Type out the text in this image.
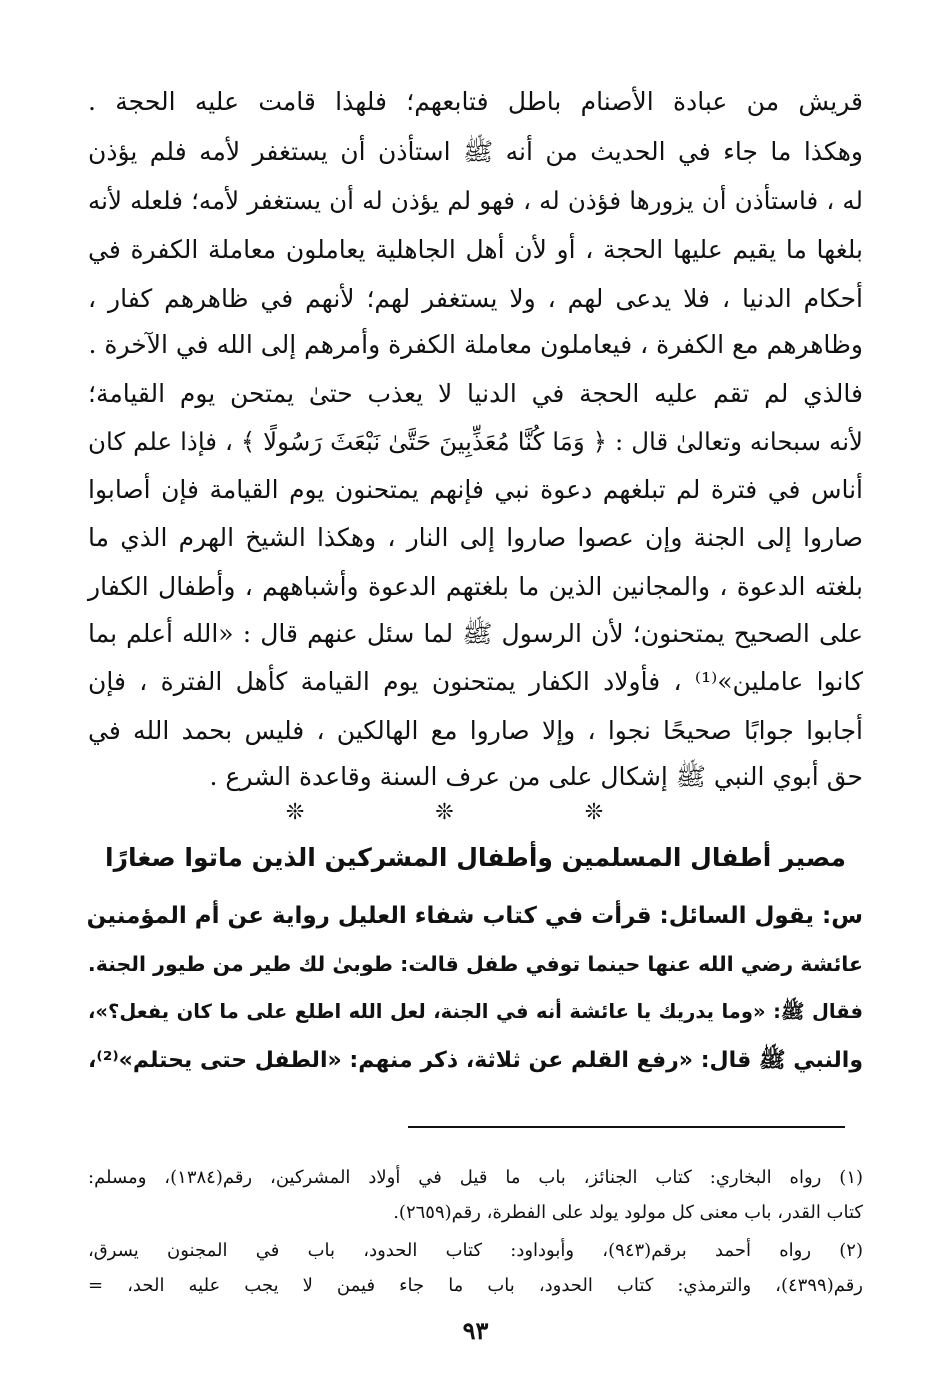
قريش من عبادة الأصنام باطل فتابعهم؛ فلهذا قامت عليه الحجة .
وهكذا ما جاء في الحديث من أنه ﷺ استأذن أن يستغفر لأمه فلم يؤذن
له ، فاستأذن أن يزورها فؤذن له ، فهو لم يؤذن له أن يستغفر لأمه؛ فلعله لأنه
بلغها ما يقيم عليها الحجة ، أو لأن أهل الجاهلية يعاملون معاملة الكفرة في
أحكام الدنيا ، فلا يدعى لهم ، ولا يستغفر لهم؛ لأنهم في ظاهرهم كفار ،
وظاهرهم مع الكفرة ، فيعاملون معاملة الكفرة وأمرهم إلى الله في الآخرة .
فالذي لم تقم عليه الحجة في الدنيا لا يعذب حتىٰ يمتحن يوم القيامة؛
لأنه سبحانه وتعالىٰ قال : ﴿ وَمَا كُنَّا مُعَذِّبِينَ حَتَّىٰ نَبْعَثَ رَسُولًا ﴾ ، فإذا علم كان
أناس في فترة لم تبلغهم دعوة نبي فإنهم يمتحنون يوم القيامة فإن أصابوا
صاروا إلى الجنة وإن عصوا صاروا إلى النار ، وهكذا الشيخ الهرم الذي ما
بلغته الدعوة ، والمجانين الذين ما بلغتهم الدعوة وأشباههم ، وأطفال الكفار
على الصحيح يمتحنون؛ لأن الرسول ﷺ لما سئل عنهم قال : «الله أعلم بما
كانوا عاملين»⁽¹⁾ ، فأولاد الكفار يمتحنون يوم القيامة كأهل الفترة ، فإن
أجابوا جوابًا صحيحًا نجوا ، وإلا صاروا مع الهالكين ، فليس بحمد الله في
حق أبوي النبي ﷺ إشكال على من عرف السنة وقاعدة الشرع .
❊ ❊ ❊
مصير أطفال المسلمين وأطفال المشركين الذين ماتوا صغارًا
س: يقول السائل: قرأت في كتاب شفاء العليل رواية عن أم المؤمنين
عائشة رضي الله عنها حينما توفي طفل قالت: طوبىٰ لك طير من طيور الجنة.
فقال ﷺ: «وما يدريك يا عائشة أنه في الجنة، لعل الله اطلع على ما كان يفعل؟»،
والنبي ﷺ قال: «رفع القلم عن ثلاثة، ذكر منهم: «الطفل حتى يحتلم»⁽²⁾،
(١) رواه البخاري: كتاب الجنائز، باب ما قيل في أولاد المشركين، رقم(١٣٨٤)، ومسلم:
كتاب القدر، باب معنى كل مولود يولد على الفطرة، رقم(٢٦٥٩).
(٢) رواه أحمد برقم(٩٤٣)، وأبوداود: كتاب الحدود، باب في المجنون يسرق،
رقم(٤٣٩٩)، والترمذي: كتاب الحدود، باب ما جاء فيمن لا يجب عليه الحد، =
٩٣
